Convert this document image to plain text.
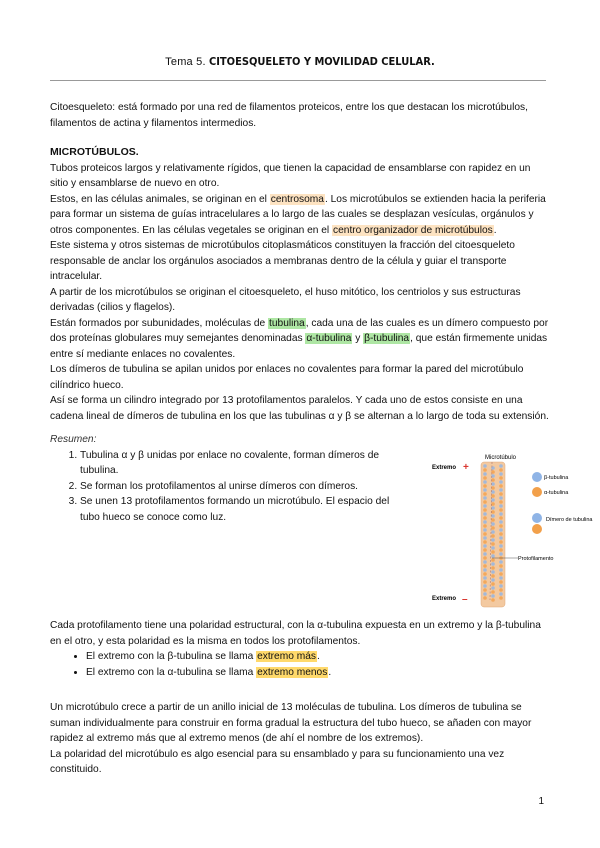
Tema 5. CITOESQUELETO Y MOVILIDAD CELULAR.

Citoesqueleto: está formado por una red de filamentos proteicos, entre los que destacan los microtúbulos, filamentos de actina y filamentos intermedios.

MICROTÚBULOS.

Tubos proteicos largos y relativamente rígidos, que tienen la capacidad de ensamblarse con rapidez en un sitio y ensamblarse de nuevo en otro.

Estos, en las células animales, se originan en el centrosoma. Los microtúbulos se extienden hacia la periferia para formar un sistema de guías intracelulares a lo largo de las cuales se desplazan vesículas, orgánulos y otros componentes. En las células vegetales se originan en el centro organizador de microtúbulos.

Este sistema y otros sistemas de microtúbulos citoplasmáticos constituyen la fracción del citoesqueleto responsable de anclar los orgánulos asociados a membranas dentro de la célula y guiar el transporte intracelular.

A partir de los microtúbulos se originan el citoesqueleto, el huso mitótico, los centriolos y sus estructuras derivadas (cilios y flagelos).

Están formados por subunidades, moléculas de tubulina, cada una de las cuales es un dímero compuesto por dos proteínas globulares muy semejantes denominadas α-tubulina y β-tubulina, que están firmemente unidas entre sí mediante enlaces no covalentes.

Los dímeros de tubulina se apilan unidos por enlaces no covalentes para formar la pared del microtúbulo cilíndrico hueco.

Así se forma un cilindro integrado por 13 protofilamentos paralelos. Y cada uno de estos consiste en una cadena lineal de dímeros de tubulina en los que las tubulinas α y β se alternan a lo largo de toda su extensión.

Resumen:

1. Tubulina α y β unidas por enlace no covalente, forman dímeros de tubulina.
2. Se forman los protofilamentos al unirse dímeros con dímeros.
3. Se unen 13 protofilamentos formando un microtúbulo. El espacio del tubo hueco se conoce como luz.
Microtúbulo
Extremo +
Extremo –
Protofilamento
β-tubulina
α-tubulina
Dímero de tubulina

Cada protofilamento tiene una polaridad estructural, con la α-tubulina expuesta en un extremo y la β-tubulina en el otro, y esta polaridad es la misma en todos los protofilamentos.

• El extremo con la β-tubulina se llama extremo más.
• El extremo con la α-tubulina se llama extremo menos.

Un microtúbulo crece a partir de un anillo inicial de 13 moléculas de tubulina. Los dímeros de tubulina se suman individualmente para construir en forma gradual la estructura del tubo hueco, se añaden con mayor rapidez al extremo más que al extremo menos (de ahí el nombre de los extremos).

La polaridad del microtúbulo es algo esencial para su ensamblado y para su funcionamiento una vez constituido.

1
